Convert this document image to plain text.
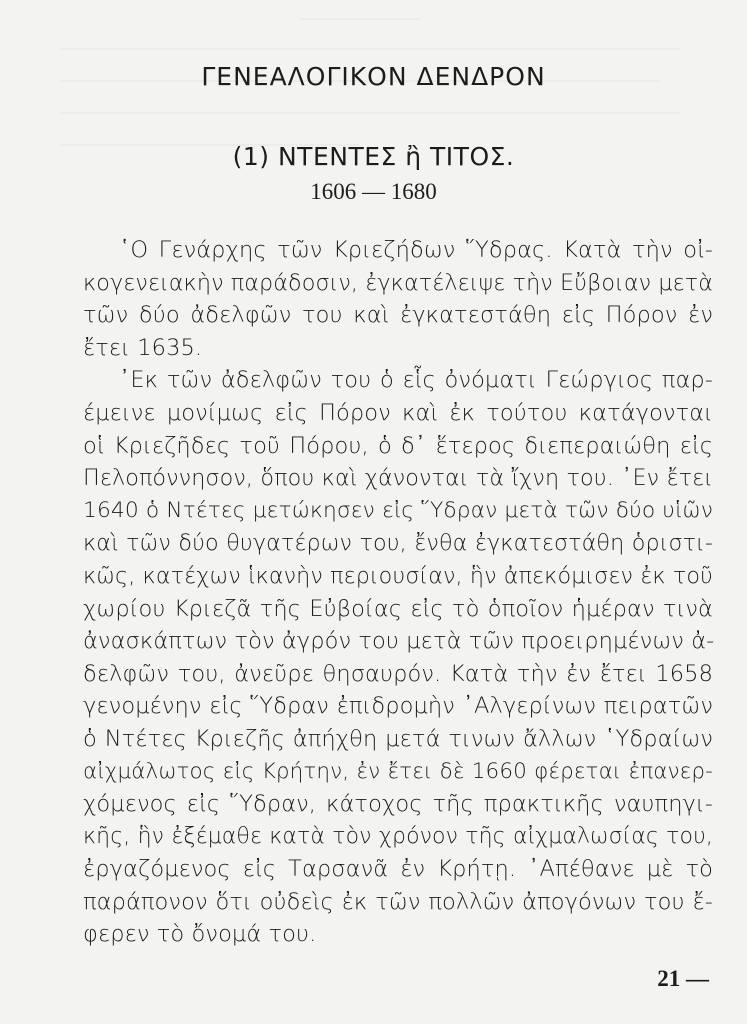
ΓΕΝΕΑΛΟΓΙΚΟΝ ΔΕΝΔΡΟΝ
(1) ΝΤΕΝΤΕΣ ἢ ΤΙΤΟΣ.
1606 — 1680
῾Ο Γενάρχης τῶν Κριεζήδων Ὕδρας. Κατὰ τὴν οἰ-
κογενειακὴν παράδοσιν, ἐγκατέλειψε τὴν Εὔβοιαν μετὰ
τῶν δύο ἀδελφῶν του καὶ ἐγκατεστάθη εἰς Πόρον ἐν
ἔτει 1635.
᾿Εκ τῶν ἀδελφῶν του ὁ εἷς ὀνόματι Γεώργιος παρ-
έμεινε μονίμως εἰς Πόρον καὶ ἐκ τούτου κατάγονται
οἱ Κριεζῆδες τοῦ Πόρου, ὁ δ᾿ ἕτερος διεπεραιώθη εἰς
Πελοπόννησον, ὅπου καὶ χάνονται τὰ ἴχνη του. ᾿Εν ἔτει
1640 ὁ Ντέτες μετώκησεν εἰς Ὕδραν μετὰ τῶν δύο υἱῶν
καὶ τῶν δύο θυγατέρων του, ἔνθα ἐγκατεστάθη ὁριστι-
κῶς, κατέχων ἱκανὴν περιουσίαν, ἣν ἀπεκόμισεν ἐκ τοῦ
χωρίου Κριεζᾶ τῆς Εὐβοίας εἰς τὸ ὁποῖον ἡμέραν τινὰ
ἀνασκάπτων τὸν ἀγρόν του μετὰ τῶν προειρημένων ἀ-
δελφῶν του, ἀνεῦρε θησαυρόν. Κατὰ τὴν ἐν ἔτει 1658
γενομένην εἰς Ὕδραν ἐπιδρομὴν ᾿Αλγερίνων πειρατῶν
ὁ Ντέτες Κριεζῆς ἀπήχθη μετά τινων ἄλλων ῾Υδραίων
αἰχμάλωτος εἰς Κρήτην, ἐν ἔτει δὲ 1660 φέρεται ἐπανερ-
χόμενος εἰς Ὕδραν, κάτοχος τῆς πρακτικῆς ναυπηγι-
κῆς, ἣν ἐξέμαθε κατὰ τὸν χρόνον τῆς αἰχμαλωσίας του,
ἐργαζόμενος εἰς Ταρσανᾶ ἐν Κρήτῃ. ᾿Απέθανε μὲ τὸ
παράπονον ὅτι οὐδεὶς ἐκ τῶν πολλῶν ἀπογόνων του ἔ-
φερεν τὸ ὄνομά του.
21 —
